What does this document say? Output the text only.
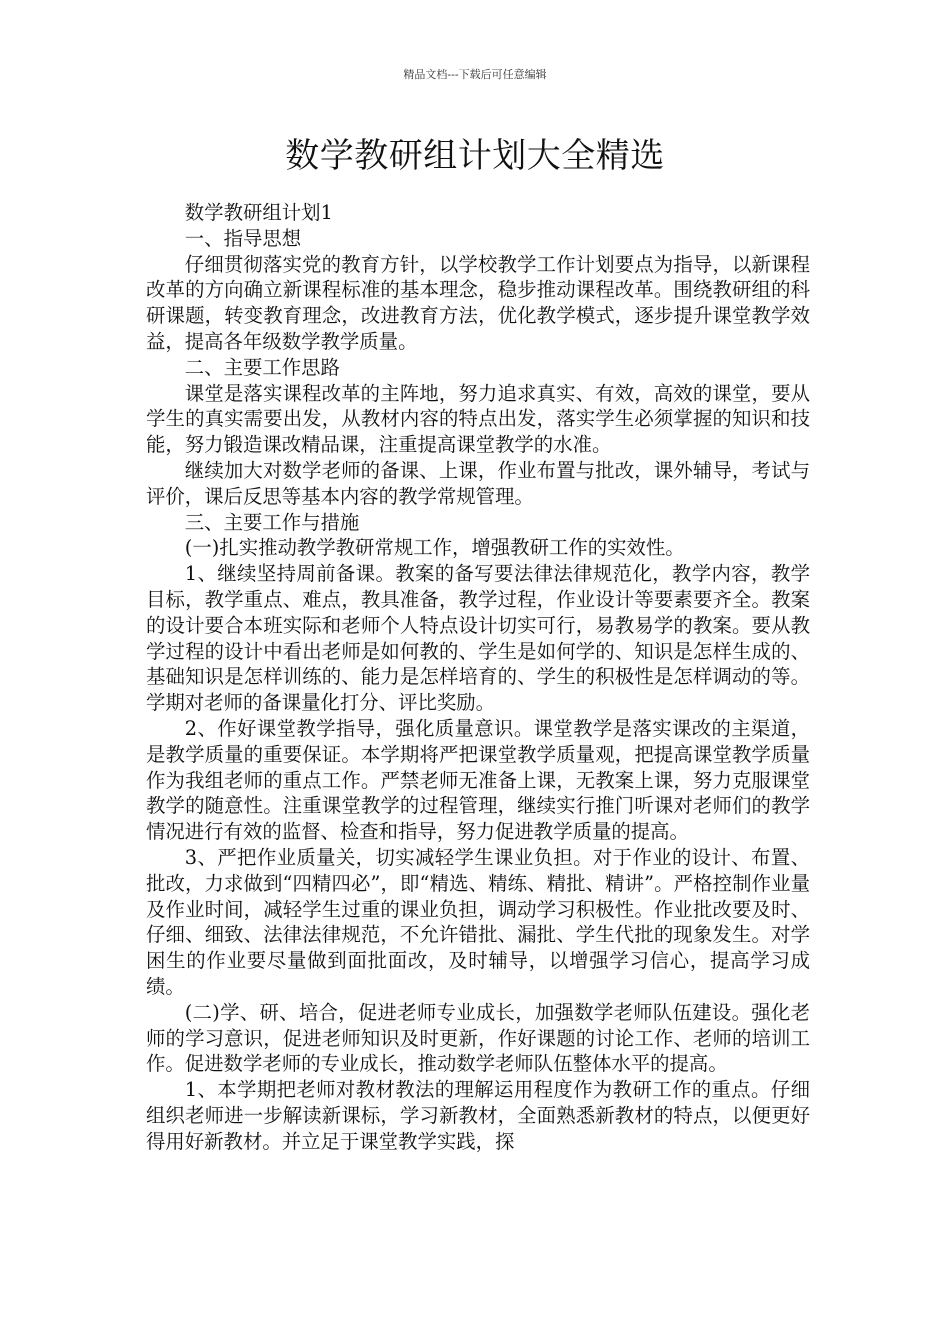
精品文档---下载后可任意编辑
数学教研组计划大全精选

数学教研组计划1

一、指导思想

仔细贯彻落实党的教育方针，以学校教学工作计划要点为指导，以新课程改革的方向确立新课程标准的基本理念，稳步推动课程改革。围绕教研组的科研课题，转变教育理念，改进教育方法，优化教学模式，逐步提升课堂教学效益，提高各年级数学教学质量。

二、主要工作思路

课堂是落实课程改革的主阵地，努力追求真实、有效，高效的课堂，要从学生的真实需要出发，从教材内容的特点出发，落实学生必须掌握的知识和技能，努力锻造课改精品课，注重提高课堂教学的水准。

继续加大对数学老师的备课、上课，作业布置与批改，课外辅导，考试与评价，课后反思等基本内容的教学常规管理。

三、主要工作与措施

(一)扎实推动教学教研常规工作，增强教研工作的实效性。

1、继续坚持周前备课。教案的备写要法律法律规范化，教学内容，教学目标，教学重点、难点，教具准备，教学过程，作业设计等要素要齐全。教案的设计要合本班实际和老师个人特点设计切实可行，易教易学的教案。要从教学过程的设计中看出老师是如何教的、学生是如何学的、知识是怎样生成的、基础知识是怎样训练的、能力是怎样培育的、学生的积极性是怎样调动的等。学期对老师的备课量化打分、评比奖励。

2、作好课堂教学指导，强化质量意识。课堂教学是落实课改的主渠道，是教学质量的重要保证。本学期将严把课堂教学质量观，把提高课堂教学质量作为我组老师的重点工作。严禁老师无准备上课，无教案上课，努力克服课堂教学的随意性。注重课堂教学的过程管理，继续实行推门听课对老师们的教学情况进行有效的监督、检查和指导，努力促进教学质量的提高。

3、严把作业质量关，切实减轻学生课业负担。对于作业的设计、布置、批改，力求做到“四精四必”，即“精选、精练、精批、精讲”。严格控制作业量及作业时间，减轻学生过重的课业负担，调动学习积极性。作业批改要及时、仔细、细致、法律法律规范，不允许错批、漏批、学生代批的现象发生。对学困生的作业要尽量做到面批面改，及时辅导，以增强学习信心，提高学习成绩。

(二)学、研、培合，促进老师专业成长，加强数学老师队伍建设。强化老师的学习意识，促进老师知识及时更新，作好课题的讨论工作、老师的培训工作。促进数学老师的专业成长，推动数学老师队伍整体水平的提高。

1、本学期把老师对教材教法的理解运用程度作为教研工作的重点。仔细组织老师进一步解读新课标，学习新教材，全面熟悉新教材的特点，以便更好得用好新教材。并立足于课堂教学实践，探
